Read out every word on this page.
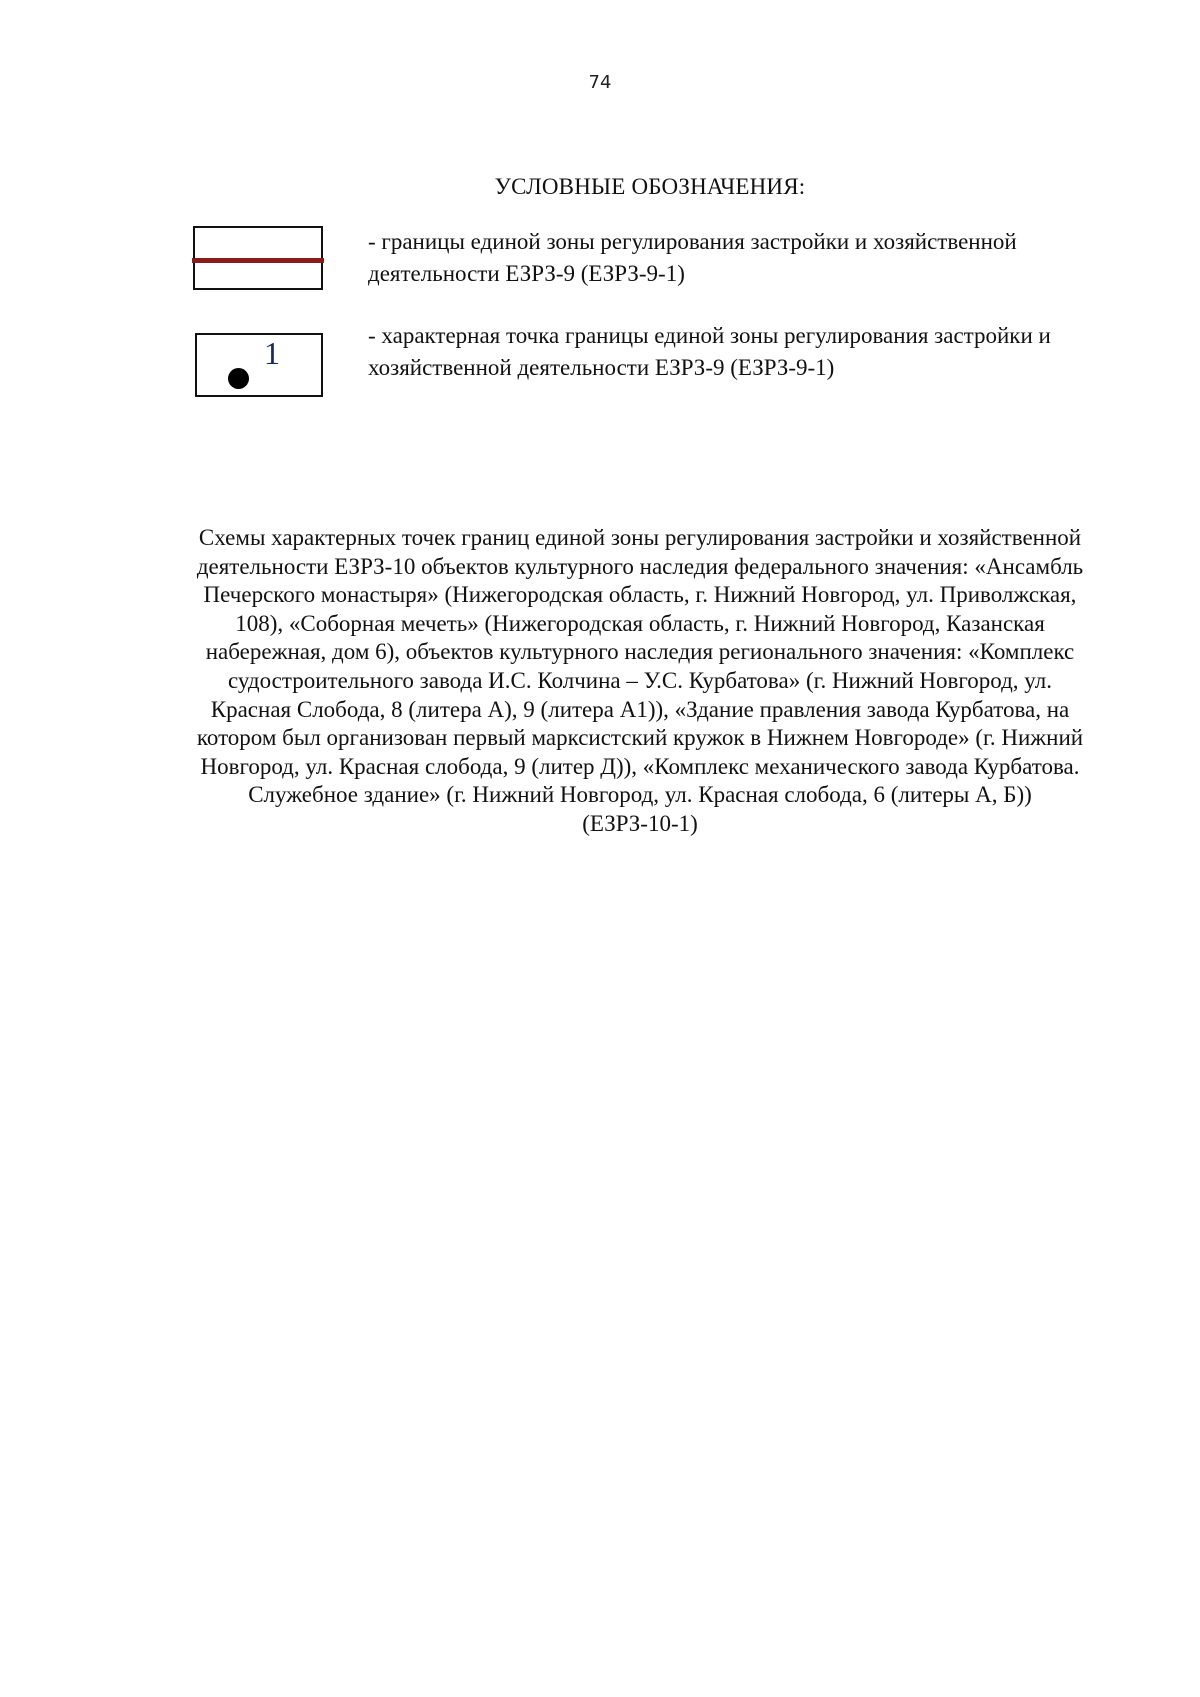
74
УСЛОВНЫЕ ОБОЗНАЧЕНИЯ:
- границы единой зоны регулирования застройки и хозяйственной
деятельности ЕЗРЗ-9 (ЕЗРЗ-9-1)
1	- характерная точка границы единой зоны регулирования застройки и
хозяйственной деятельности ЕЗРЗ-9 (ЕЗРЗ-9-1)
Схемы характерных точек границ единой зоны регулирования застройки и хозяйственной
деятельности ЕЗРЗ-10 объектов культурного наследия федерального значения: «Ансамбль
Печерского монастыря» (Нижегородская область, г. Нижний Новгород, ул. Приволжская,
108), «Соборная мечеть» (Нижегородская область, г. Нижний Новгород, Казанская
набережная, дом 6), объектов культурного наследия регионального значения: «Комплекс
судостроительного завода И.С. Колчина – У.С. Курбатова» (г. Нижний Новгород, ул.
Красная Слобода, 8 (литера А), 9 (литера А1)), «Здание правления завода Курбатова, на
котором был организован первый марксистский кружок в Нижнем Новгороде» (г. Нижний
Новгород, ул. Красная слобода, 9 (литер Д)), «Комплекс механического завода Курбатова.
Служебное здание» (г. Нижний Новгород, ул. Красная слобода, 6 (литеры А, Б))
(ЕЗРЗ-10-1)
